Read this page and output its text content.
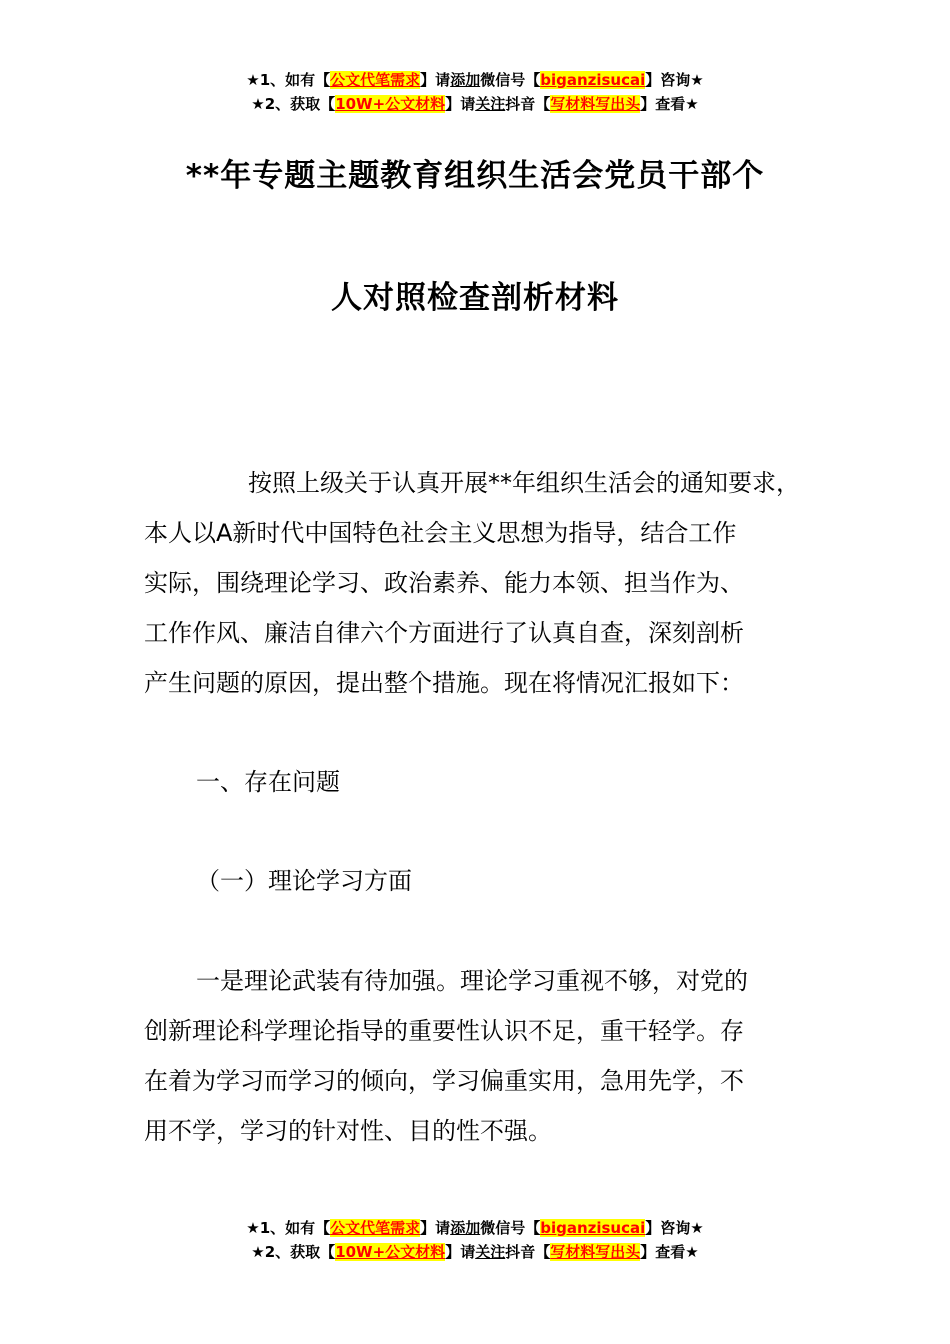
★1、如有【公文代笔需求】请添加微信号【biganzisucai】咨询★
★2、获取【10W+公文材料】请关注抖音【写材料写出头】查看★
**年专题主题教育组织生活会党员干部个
人对照检查剖析材料
按照上级关于认真开展**年组织生活会的通知要求，
本人以A新时代中国特色社会主义思想为指导，结合工作
实际，围绕理论学习、政治素养、能力本领、担当作为、
工作作风、廉洁自律六个方面进行了认真自查，深刻剖析
产生问题的原因，提出整个措施。现在将情况汇报如下：
一、存在问题
（一）理论学习方面
一是理论武装有待加强。理论学习重视不够，对党的
创新理论科学理论指导的重要性认识不足，重干轻学。存
在着为学习而学习的倾向，学习偏重实用，急用先学，不
用不学，学习的针对性、目的性不强。
★1、如有【公文代笔需求】请添加微信号【biganzisucai】咨询★
★2、获取【10W+公文材料】请关注抖音【写材料写出头】查看★
